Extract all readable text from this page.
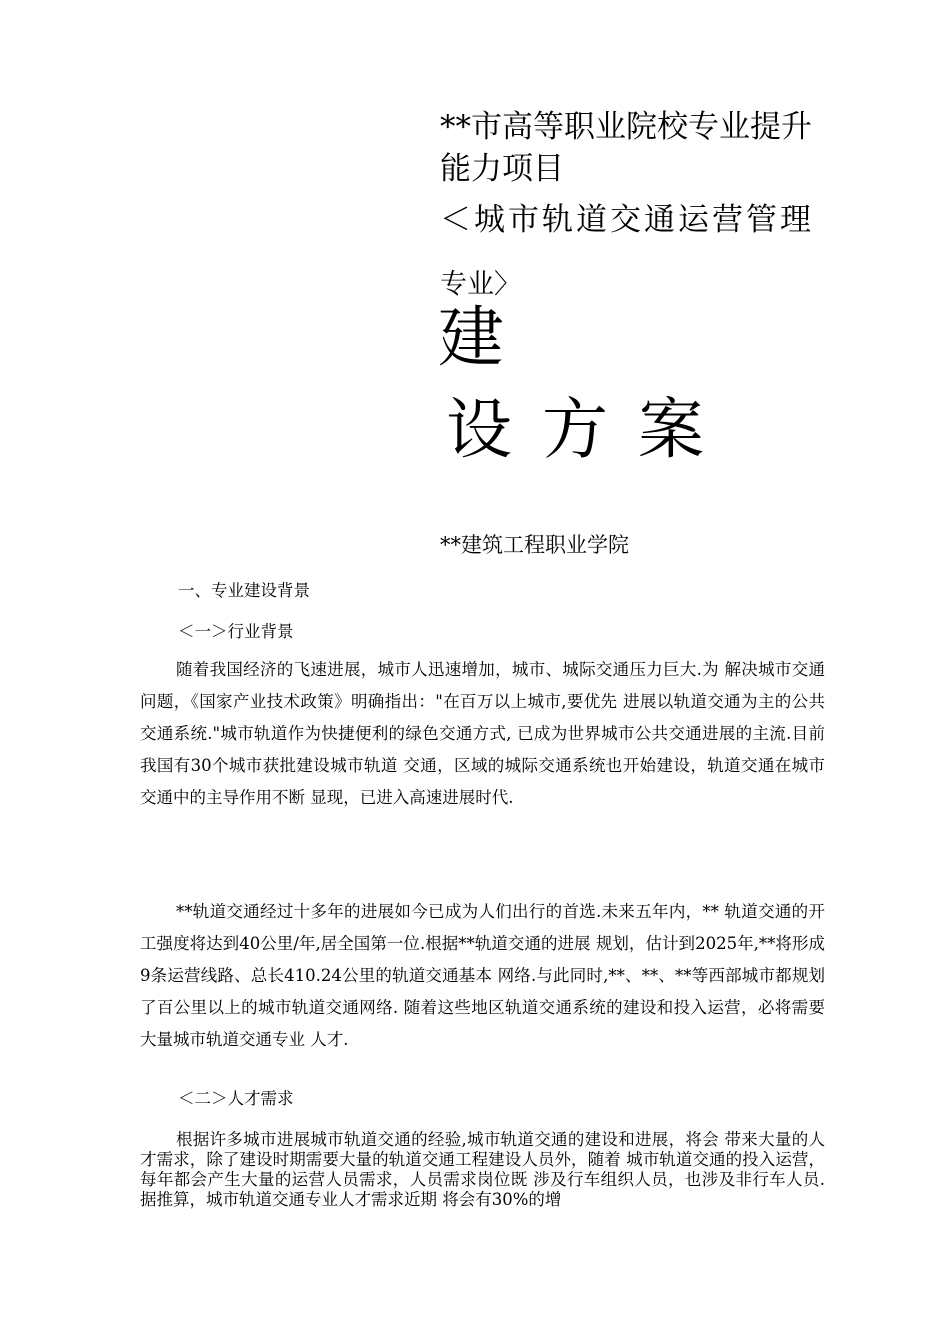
**市高等职业院校专业提升能力项目
＜城市轨道交通运营管理
专业〉
建
设方案
**建筑工程职业学院
一、专业建设背景
＜一＞行业背景
随着我国经济的飞速进展，城市人迅速增加，城市、城际交通压力巨大.为 解决城市交通问题，《国家产业技术政策》明确指出："在百万以上城市,要优先 进展以轨道交通为主的公共交通系统."城市轨道作为快捷便利的绿色交通方式, 已成为世界城市公共交通进展的主流.目前我国有30个城市获批建设城市轨道 交通，区域的城际交通系统也开始建设，轨道交通在城市交通中的主导作用不断 显现，已进入高速进展时代.
**轨道交通经过十多年的进展如今已成为人们出行的首选.未来五年内，** 轨道交通的开工强度将达到40公里/年,居全国第一位.根据**轨道交通的进展 规划，估计到2025年,**将形成9条运营线路、总长410.24公里的轨道交通基本 网络.与此同时,**、**、**等西部城市都规划了百公里以上的城市轨道交通网络. 随着这些地区轨道交通系统的建设和投入运营，必将需要大量城市轨道交通专业 人才.
＜二＞人才需求
根据许多城市进展城市轨道交通的经验,城市轨道交通的建设和进展，将会 带来大量的人才需求，除了建设时期需要大量的轨道交通工程建设人员外，随着 城市轨道交通的投入运营，每年都会产生大量的运营人员需求，人员需求岗位既 涉及行车组织人员，也涉及非行车人员.据推算，城市轨道交通专业人才需求近期 将会有30%的增
